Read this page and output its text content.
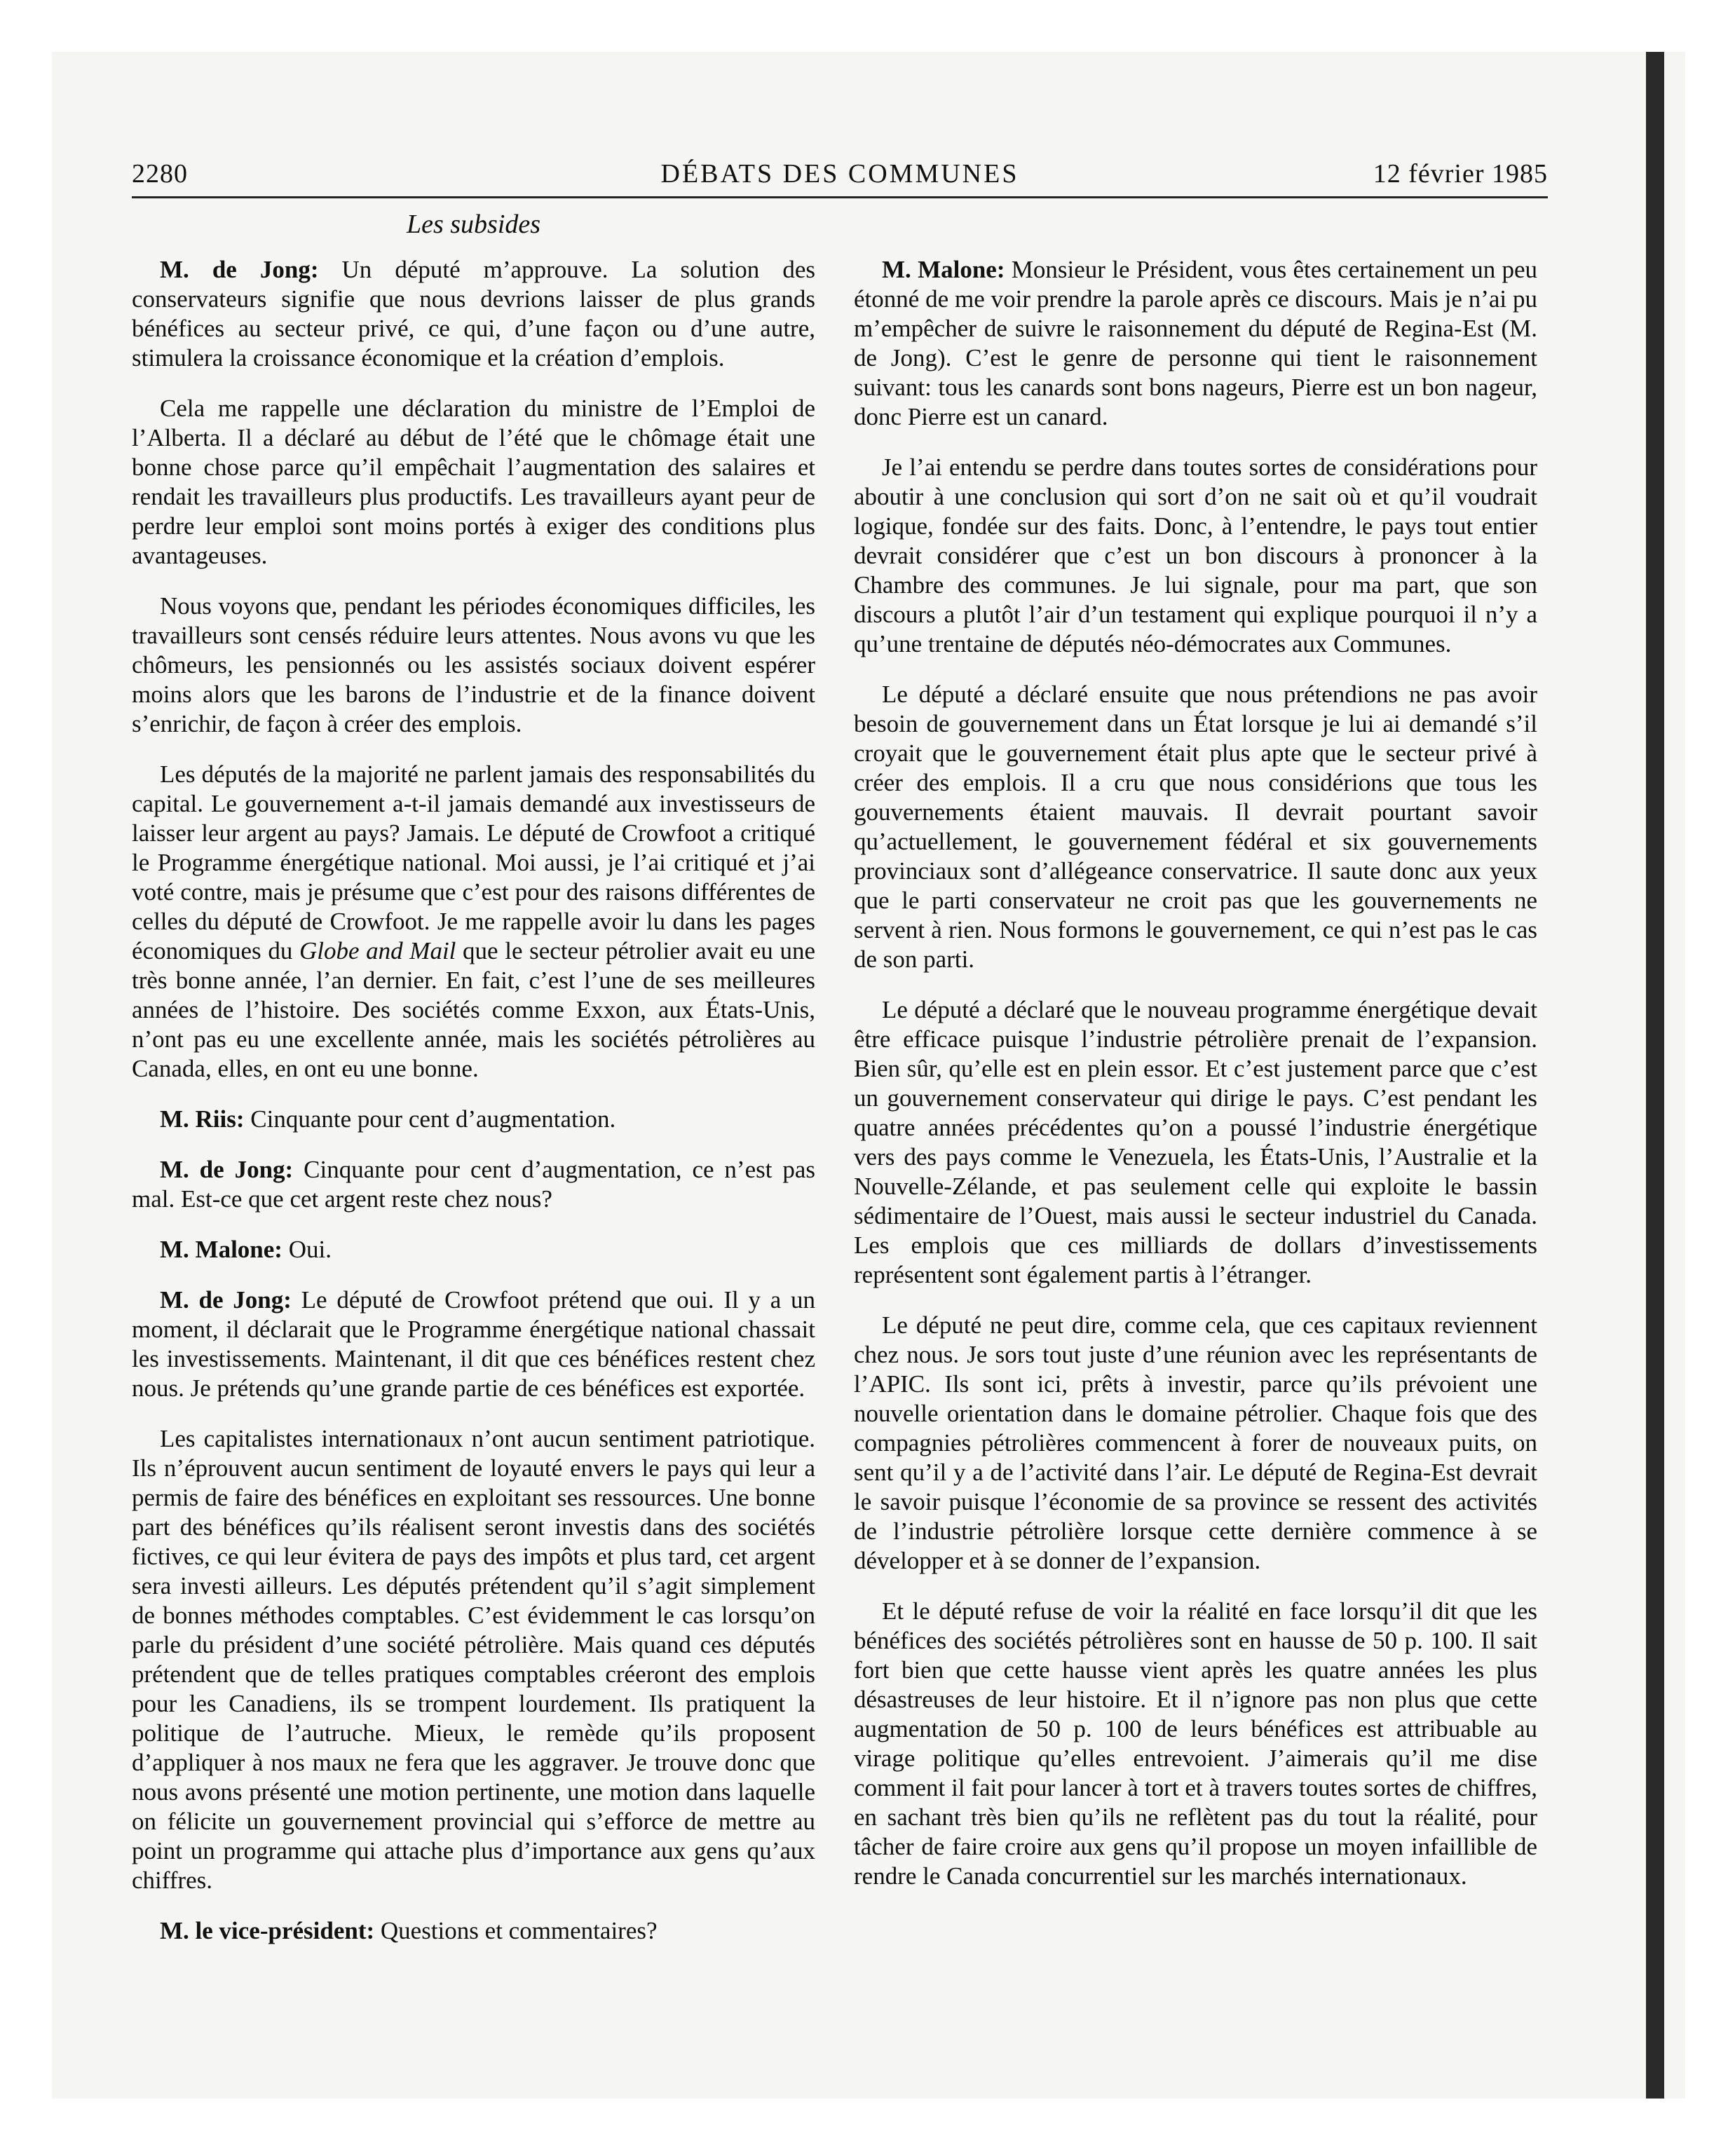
2280	DÉBATS DES COMMUNES	12 février 1985
Les subsides

M. de Jong: Un député m’approuve. La solution des conservateurs signifie que nous devrions laisser de plus grands bénéfices au secteur privé, ce qui, d’une façon ou d’une autre, stimulera la croissance économique et la création d’emplois.

Cela me rappelle une déclaration du ministre de l’Emploi de l’Alberta. Il a déclaré au début de l’été que le chômage était une bonne chose parce qu’il empêchait l’augmentation des salaires et rendait les travailleurs plus productifs. Les travailleurs ayant peur de perdre leur emploi sont moins portés à exiger des conditions plus avantageuses.

Nous voyons que, pendant les périodes économiques difficiles, les travailleurs sont censés réduire leurs attentes. Nous avons vu que les chômeurs, les pensionnés ou les assistés sociaux doivent espérer moins alors que les barons de l’industrie et de la finance doivent s’enrichir, de façon à créer des emplois.

Les députés de la majorité ne parlent jamais des responsabilités du capital. Le gouvernement a-t-il jamais demandé aux investisseurs de laisser leur argent au pays? Jamais. Le député de Crowfoot a critiqué le Programme énergétique national. Moi aussi, je l’ai critiqué et j’ai voté contre, mais je présume que c’est pour des raisons différentes de celles du député de Crowfoot. Je me rappelle avoir lu dans les pages économiques du Globe and Mail que le secteur pétrolier avait eu une très bonne année, l’an dernier. En fait, c’est l’une de ses meilleures années de l’histoire. Des sociétés comme Exxon, aux États-Unis, n’ont pas eu une excellente année, mais les sociétés pétrolières au Canada, elles, en ont eu une bonne.

M. Riis: Cinquante pour cent d’augmentation.

M. de Jong: Cinquante pour cent d’augmentation, ce n’est pas mal. Est-ce que cet argent reste chez nous?

M. Malone: Oui.

M. de Jong: Le député de Crowfoot prétend que oui. Il y a un moment, il déclarait que le Programme énergétique national chassait les investissements. Maintenant, il dit que ces bénéfices restent chez nous. Je prétends qu’une grande partie de ces bénéfices est exportée.

Les capitalistes internationaux n’ont aucun sentiment patriotique. Ils n’éprouvent aucun sentiment de loyauté envers le pays qui leur a permis de faire des bénéfices en exploitant ses ressources. Une bonne part des bénéfices qu’ils réalisent seront investis dans des sociétés fictives, ce qui leur évitera de pays des impôts et plus tard, cet argent sera investi ailleurs. Les députés prétendent qu’il s’agit simplement de bonnes méthodes comptables. C’est évidemment le cas lorsqu’on parle du président d’une société pétrolière. Mais quand ces députés prétendent que de telles pratiques comptables créeront des emplois pour les Canadiens, ils se trompent lourdement. Ils pratiquent la politique de l’autruche. Mieux, le remède qu’ils proposent d’appliquer à nos maux ne fera que les aggraver. Je trouve donc que nous avons présenté une motion pertinente, une motion dans laquelle on félicite un gouvernement provincial qui s’efforce de mettre au point un programme qui attache plus d’importance aux gens qu’aux chiffres.

M. le vice-président: Questions et commentaires?

M. Malone: Monsieur le Président, vous êtes certainement un peu étonné de me voir prendre la parole après ce discours. Mais je n’ai pu m’empêcher de suivre le raisonnement du député de Regina-Est (M. de Jong). C’est le genre de personne qui tient le raisonnement suivant: tous les canards sont bons nageurs, Pierre est un bon nageur, donc Pierre est un canard.

Je l’ai entendu se perdre dans toutes sortes de considérations pour aboutir à une conclusion qui sort d’on ne sait où et qu’il voudrait logique, fondée sur des faits. Donc, à l’entendre, le pays tout entier devrait considérer que c’est un bon discours à prononcer à la Chambre des communes. Je lui signale, pour ma part, que son discours a plutôt l’air d’un testament qui explique pourquoi il n’y a qu’une trentaine de députés néo-démocrates aux Communes.

Le député a déclaré ensuite que nous prétendions ne pas avoir besoin de gouvernement dans un État lorsque je lui ai demandé s’il croyait que le gouvernement était plus apte que le secteur privé à créer des emplois. Il a cru que nous considérions que tous les gouvernements étaient mauvais. Il devrait pourtant savoir qu’actuellement, le gouvernement fédéral et six gouvernements provinciaux sont d’allégeance conservatrice. Il saute donc aux yeux que le parti conservateur ne croit pas que les gouvernements ne servent à rien. Nous formons le gouvernement, ce qui n’est pas le cas de son parti.

Le député a déclaré que le nouveau programme énergétique devait être efficace puisque l’industrie pétrolière prenait de l’expansion. Bien sûr, qu’elle est en plein essor. Et c’est justement parce que c’est un gouvernement conservateur qui dirige le pays. C’est pendant les quatre années précédentes qu’on a poussé l’industrie énergétique vers des pays comme le Venezuela, les États-Unis, l’Australie et la Nouvelle-Zélande, et pas seulement celle qui exploite le bassin sédimentaire de l’Ouest, mais aussi le secteur industriel du Canada. Les emplois que ces milliards de dollars d’investissements représentent sont également partis à l’étranger.

Le député ne peut dire, comme cela, que ces capitaux reviennent chez nous. Je sors tout juste d’une réunion avec les représentants de l’APIC. Ils sont ici, prêts à investir, parce qu’ils prévoient une nouvelle orientation dans le domaine pétrolier. Chaque fois que des compagnies pétrolières commencent à forer de nouveaux puits, on sent qu’il y a de l’activité dans l’air. Le député de Regina-Est devrait le savoir puisque l’économie de sa province se ressent des activités de l’industrie pétrolière lorsque cette dernière commence à se développer et à se donner de l’expansion.

Et le député refuse de voir la réalité en face lorsqu’il dit que les bénéfices des sociétés pétrolières sont en hausse de 50 p. 100. Il sait fort bien que cette hausse vient après les quatre années les plus désastreuses de leur histoire. Et il n’ignore pas non plus que cette augmentation de 50 p. 100 de leurs bénéfices est attribuable au virage politique qu’elles entrevoient. J’aimerais qu’il me dise comment il fait pour lancer à tort et à travers toutes sortes de chiffres, en sachant très bien qu’ils ne reflètent pas du tout la réalité, pour tâcher de faire croire aux gens qu’il propose un moyen infaillible de rendre le Canada concurrentiel sur les marchés internationaux.
